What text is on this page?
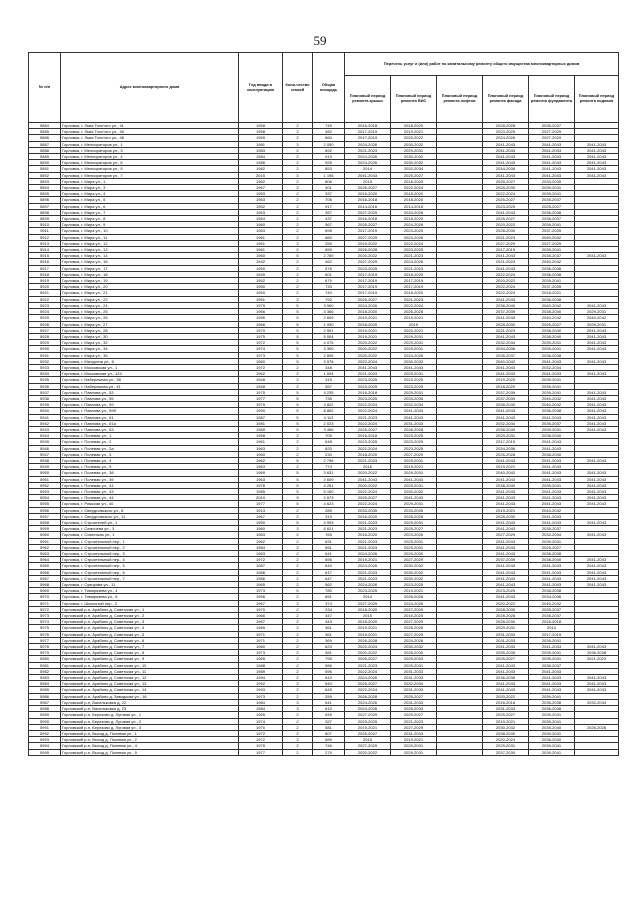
59
№ п/п	Адрес многоквартирного дома	Год ввода в эксплуатацию	Коли-чество этажей	Общая площадь	Перечень услуг и (или) работ по капитальному ремонту общего имущества многоквартирных домов					
					Плановый период ремонта крыши	Плановый период ремонта ВИС	Плановый период ремонта лифтов	Плановый период ремонта фасада	Плановый период ремонта фундамента	Плановый период ремонта подвала
5884	Горловка, г. Льва Толстого ул., 41	1958	2	749	2016-2018	2018-2020		2028-2028	2035-2037	
5885	Горловка, г. Льва Толстого ул., 46	1958	2	482	2017-2019	2019-2021		2023-2025	2027-2029	
5886	Горловка, г. Льва Толстого ул., 48	1959	2	560	2017-2019	2020-2022		2024-2026	2027-2029	
5887	Горловка, г. Мелиораторов ул., 1	1981	3	2 050	2024-2026	2030-2032		2041-2043	2041-2043	2041-2043
5888	Горловка, г. Мелиораторов ул., 3	1983	2	692	2021-2023	2029-2031		2041-2043	2041-2043	2041-2043
5889	Горловка, г. Мелиораторов ул., 4	1984	2	919	2024-2026	2030-2032		2041-2043	2041-2043	2041-2043
5890	Горловка, г. Мелиораторов ул., 6	1986	2	925	2024-2026	2030-2032		2041-2043	2041-2043	2041-2043
5891	Горловка, г. Мелиораторов ул., 5	1982	2	853	2014	2032-2034		2034-2036	2041-2043	2041-2043
5892	Горловка, г. Мелиораторов ул., 7	2015	3	1 195	2041-2043	2025-2027		2041-2043	2041-2043	2041-2043
5893	Горловка, г. Мира ул., 1	1962	2	806	2015	2018-2020		2025-2027	2033-2035	
5894	Горловка, г. Мира ул., 3	1967	2	401	2026-2027	2022-2024		2028-2030	2039-2041	
5895	Горловка, г. Мира ул., 4	1953	2	337	2016-2020	2018-2020		2022-2024	2039-2041	
5896	Горловка, г. Мира ул., 5	1963	2	706	2016-2018	2018-2020		2025-2027	2035-2037	
5897	Горловка, г. Мира ул., 6	1952	2	917	2014-2016	2014-2016		2023-2025	2025-2027	
5898	Горловка, г. Мира ул., 7	1953	2	357	2027-2029	2024-2026		2041-2043	2036-2038	
5899	Горловка, г. Мира ул., 8	1964	2	437	2016-2018	2018-2020		2025-2027	2035-2037	
5910	Горловка, г. Мира ул., 9	1960	2	567	2025-2027	2024-2026		2020-2022	2039-2041	
5911	Горловка, г. Мира ул., 10	1963	2	698	2017-2019	2023-2025		2028-2030	2037-2039	
5912	Горловка, г. Мира ул., 11	1961	2	660	2027-2029	2024-2026		2021-2023	2040-2042	
5913	Горловка, г. Мира ул., 12	1961	2	259	2019-2022	2022-2024		2027-2029	2027-2029	
5914	Горловка, г. Мира ул., 13	1961	2	659	2026-2028	2023-2025		2017-2019	2039-2041	
5915	Горловка, г. Мира ул., 14	1960	5	2 789	2020-2022	2021-2023		2041-2043	2035-2037	2041-2043
5916	Горловка, г. Мира ул., 16	1942	2	462	2027-2029	2024-2026		2021-2023	2040-2042	
5917	Горловка, г. Мира ул., 17	1950	2	576	2023-2025	2021-2023		2041-2043	2036-2038	
5918	Горловка, г. Мира ул., 18	1949	2	601	2017-2019	2018-2020		2022-2024	2036-2038	
5919	Горловка, г. Мира ул., 19	1952	2	679	2017-2019	2017-2019		2020-2022	2039-2041	
5920	Горловка, г. Мира ул., 20	1950	2	733	2017-2019	2017-2019		2022-2024	2037-2039	
5921	Горловка, г. Мира ул., 21	1950	2	740	2017-2019	2018-2020		2022-2024	2018-2021	
5922	Горловка, г. Мира ул., 22	1951	2	792	2025-2027	2021-2023		2041-2043	2036-2038	
5923	Горловка, г. Мира ул., 24	1979	5	3 060	2024-2026	2022-2024		2038-2040	2040-2042	2041-2043
5924	Горловка, г. Мира ул., 25	1966	5	3 366	2018-2020	2026-2028		2037-2039	2038-2040	2029-2031
5925	Горловка, г. Мира ул., 26	1996	5	2 609	2019-2021	2019-2021		2041-2043	2040-2042	2040-2042
5926	Горловка, г. Мира ул., 27	1966	5	1 930	2018-2020	2015		2028-2030	2025-2027	2029-2031
5927	Горловка, г. Мира ул., 28	1970	5	2 591	2019-2021	2020-2021		2021-2023	2038-2040	2041-2043
5928	Горловка, г. Мира ул., 30	1975	5	5 004	2019-2021	2029-2031		2041-2043	2038-2040	2041-2043
5929	Горловка, г. Мира ул., 32	1972	5	4 075	2020-2022	2029-2031		2032-2034	2039-2041	2041-2043
5930	Горловка, г. Мира ул., 34	1974	5	3 309	2020-2022	2029-2031		2034-2036	2039-2041	2041-2043
5931	Горловка, г. Мира ул., 36	1973	5	2 895	2020-2022	2024-2026		2035-2037	2036-2038	
5932	Горловка, г. Мичурина ул., 6	1960	5	3 578	2022-2024	2030-2032		2040-2042	2041-2043	2041-2043
5933	Горловка, г. Московская ул., 1	1972	2	348	2041-2043	2041-2043		2041-2043	2032-2034	
5934	Горловка, г. Московская ул., 124	1962	2	1 004	2021-2023	2029-2031		2041-2043	2041-2043	2041-2043
5935	Горловка, г. Набережная ул., 38	1948	2	319	2023-2025	2023-2025		2019-2020	2039-2041	
5936	Горловка, г. Набережная ул., 41	1948	2	357	2023-2025	2023-2025		2018-2020	2039-2041	
5937	Горловка, г. Павлова ул., 53	1975	5	4 235	2016-2018	2029-2031		2037-2039	2039-2041	2041-2043
5938	Горловка, г. Павлова ул., 55	1977	5	735	2023-2025	2033-2035		2037-2039	2040-2042	2041-2043
5939	Горловка, г. Павлова ул., 59	1979	5	3 822	2022-2024	2032-2034		2038-2040	2040-2042	2041-2043
5940	Горловка, г. Павлова ул., 59б	1990	5	8 862	2022-2024	2041-2043		2041-2043	2036-2038	2041-2043
5941	Горловка, г. Павлова ул., 61	1987	5	4 113	2021-2023	2041-2043		2041-2043	2041-2043	2041-2043
5942	Горловка, г. Павлова ул., 61а	1981	5	2 023	2022-2024	2031-2033		2032-2034	2035-2037	2041-2043
5943	Горловка, г. Павлова ул., 63	1989	5	3 466	2025-2027	2026-2028		2038-2040	2039-2041	2041-2043
5944	Горловка, г. Полевая ул., 1	1958	2	705	2016-2018	2023-2025		2029-2031	2038-2040	
5945	Горловка, г. Полевая ул., 2	1961	2	648	2023-2025	2023-2025		2017-2019	2041-2043	
5946	Горловка, г. Полевая ул., 2а	1963	2	620	2022-2024	2023-2025		2034-2036	2041-2043	
5947	Горловка, г. Полевая ул., 3	1960	2	230	2018-2020	2027-2029		2026-2028	2038-2040	
5948	Горловка, г. Полевая ул., 4	1962	5	2 796	2021-2023	2029-2031		2041-2043	2041-2043	2041-2043
5949	Горловка, г. Полевая ул., 5	1963	2	774	2016	2019-2021		2019-2021	2041-2043	
5950	Горловка, г. Полевая ул., 38	1969	5	3 631	2020-2022	2029-2031		2040-2042	2041-2043	2041-2043
5951	Горловка, г. Полевая ул., 39	1963	5	2 609	2041-2043	2041-2043		2041-2043	2041-2043	2041-2043
5952	Горловка, г. Полевая ул., 41	1978	5	4 251	2020-2022	2029-2031		2038-2040	2039-2041	2041-2043
5953	Горловка, г. Полевая ул., 43	1985	5	5 160	2022-2024	2030-2032		2041-2043	2041-2043	2041-2043
5954	Горловка, г. Полевая ул., 44	2010	9	2 673	2025-2027	2041-2043		2041-2043	2041-2043	2041-2043
5955	Горловка, г. Рижская ул., 40	1977	5	4 623	2022-2024	2029-2031		2041-2043	2041-2043	2041-2043
5956	Горловка, г. Свердловского ул., 8	1913	2	289	2033-2035	2033-2035		2019-2021	2040-2042	
5957	Горловка, г. Свердловского ул., 11	1967	2	319	2016-2020	2026-2028		2028-2030	2041-2043	
5958	Горловка, г. Строителей ул., 1	1990	5	4 993	2021-2023	2029-2031		2041-2043	2041-2043	2041-2043
5959	Горловка, г. Семичева ул., 3	1960	3	6 621	2021-2023	2025-2027		2041-2043	2035-2037	
5960	Горловка, г. Советская ул., 1	1963	2	765	2016-2020	2024-2026		2027-2029	2032-2034	2041-2043
5961	Горловка, г. Строительный пер., 1	1962	2	631	2021-2023	2029-2031		2041-2043	2039-2041	
5962	Горловка, г. Строительный пер., 2	1984	2	651	2021-2023	2029-2031		2041-2043	2025-2027	
5963	Горловка, г. Строительный пер., 3	1963	2	641	2024-2026	2029-2030		2041-2043	2036-2038	
5964	Горловка, г. Строительный пер., 4	1972	2	696	2019-2021	2027-2029		2037-2039	2038-2040	2041-2043
5965	Горловка, г. Строительный пер., 5	1987	2	640	2024-2026	2030-2032		2041-2043	2041-2043	2041-2043
5966	Горловка, г. Строительный пер., 6	1986	2	617	2021-2023	2030-2032		2041-2043	2041-2043	2041-2043
5967	Горловка, г. Строительный пер., 7	1986	2	647	2021-2023	2030-2032		2041-2043	2041-2043	2041-2043
5968	Горловка, г. Суворова ул., 11	1965	2	562	2024-2026	2023-2025		2041-2043	2041-2043	2041-2043
5969	Горловка, г. Тимирязева ул., 4	1973	5	780	2023-2025	2019-2021		2023-2025	2038-2038	
5970	Горловка, г. Тимирязева ул., 6	1996	2	651	2014	2026-2028		2041-2043	2034-2036	
5971	Горловка, г. Школьный пер., 2	1967	2	374	2027-2029	2024-2026		2020-2022	2040-2042	
5972	Горловский р-н, Арабино д, Советская ул., 1	1970	2	234	2018-2020	2027-2029		2028-2030	2035-2037	
5973	Горловский р-н, Арабино д, Советская ул., 2	1966	2	347	2015	2015-2020		2028-2028	2035-2037	
5974	Горловский р-н, Арабино д, Советская ул., 3	1967	2	343	2018-2020	2027-2029		2028-2030	2016-2018	
5975	Горловский р-н, Арабино д, Советская ул., 4	1969	2	361	2019-2021	2026-2028		2029-2031	2014	
5976	Горловский р-н, Арабино д, Советская ул., 5	1971	2	361	2019-2021	2027-2029		2031-2033	2017-2019	
5977	Горловский р-н, Арабино д, Советская ул., 6	1971	2	369	2026-2028	2024-2026		2031-2033	2039-2041	
5978	Горловский р-н, Арабино д, Советская ул., 7	1980	2	623	2022-2024	2030-2032		2041-2043	2041-2043	2041-2043
5979	Горловский р-н, Арабино д, Советская ул., 8	1973	2	581	2020-2022	2026-2030		2035-2035	2039-2041	2036-2038
5980	Горловский р-н, Арабино д, Советская ул., 9	1965	2	795	2025-2027	2025-2033		2025-2027	2039-2041	2021-2023
5981	Горловский р-н, Арабино д, Советская ул., 10	1988	2	586	2021-2023	2029-2031		2041-2043	2036-2037	
5982	Горловский р-н, Арабино д, Советская ул., 11	1989	2	596	2022-2024	2031-2033		2041-2043	2041-2043	
5983	Горловский р-н, Арабино д, Советская ул., 12	1994	2	610	2024-2026	2031-2033		2036-2036	2041-2043	2041-2043
5984	Горловский р-н, Арабино д, Советская ул., 13	1992	2	640	2025-2027	2032-2034		2041-2043	2041-2043	2041-2043
5985	Горловский р-н, Арабино д, Советская ул., 14	1993	2	645	2022-2024	2031-2033		2041-2043	2041-2043	2041-2043
5986	Горловский р-н, Арабино д, Заводская ул., 18	1973	2	259	2026-2028	2025-2027		2020-2022	2039-2041	
5987	Горловский р-н, Васильковка д, 22	1984	3	641	2024-2026	2031-2033		2016-2018	2036-2038	2032-2034
5988	Горловский р-н, Васильковка д, 23	1984	3	610	2024-2026	2026-2033		2031-2033	2036-2038	
5989	Горловский р-н, Березово д, Луговая ул., 1	1965	2	545	2027-2029	2025-2027		2025-2027	2039-2041	
5990	Горловский р-н, Березово д, Луговая ул., 2	1974	2	327	2023-2025	2021-2023		2019-2021	2039-2041	
5991	Горловский р-н, Березово д, Луговая ул., 3	1970	2	581	2019-2021	2027-2029		2030-2032	2035-2040	2026-2028
5992	Горловский р-н, Выход д, Полевая ул., 1	1972	2	607	2025-2027	2031-2033		2038-2040	2039-2041	
5993	Горловский р-н, Выход д, Полевая ул., 2	1972	2	689	2015	2019-2021		2020-2024	2036-2040	
5994	Горловский р-н, Выход д, Полевая ул., 4	1975	2	746	2027-2029	2029-2031		2029-2031	2039-2041	
5995	Горловский р-н, Выход д, Полевая ул., 5	1977	2	279	2020-2022	2029-2031		2037-2039	2039-2041	
